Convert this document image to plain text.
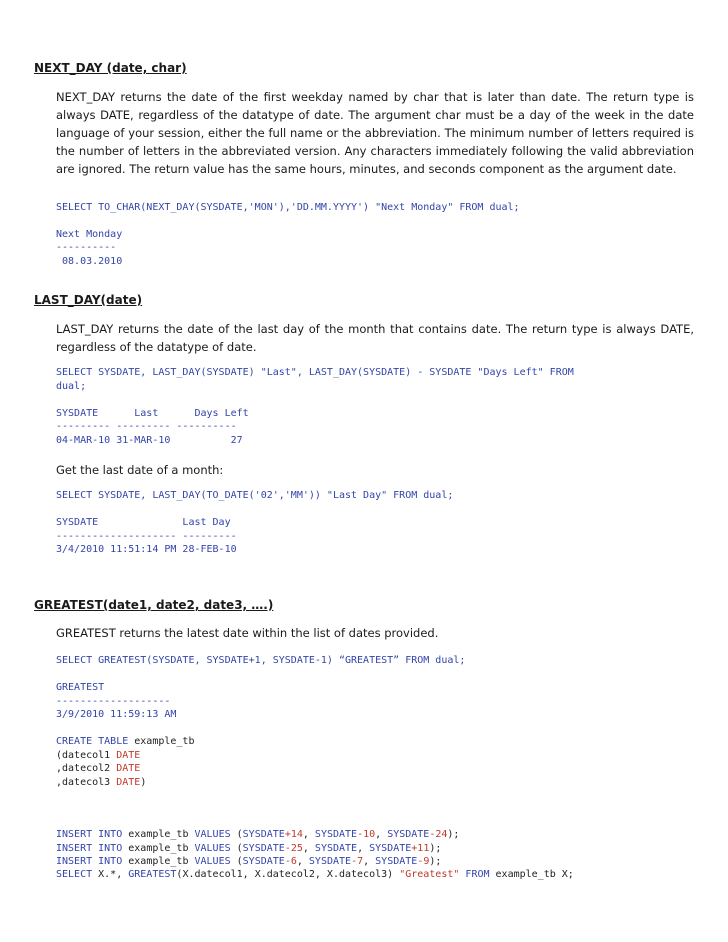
NEXT_DAY (date, char)

NEXT_DAY returns the date of the first weekday named by char that is later than date. The return type is always DATE, regardless of the datatype of date. The argument char must be a day of the week in the date language of your session, either the full name or the abbreviation. The minimum number of letters required is the number of letters in the abbreviated version. Any characters immediately following the valid abbreviation are ignored. The return value has the same hours, minutes, and seconds component as the argument date.

SELECT TO_CHAR(NEXT_DAY(SYSDATE,'MON'),'DD.MM.YYYY') "Next Monday" FROM dual;
Next Monday
----------
08.03.2010
LAST_DAY(date)

LAST_DAY returns the date of the last day of the month that contains date. The return type is always DATE, regardless of the datatype of date.

SELECT SYSDATE, LAST_DAY(SYSDATE) "Last", LAST_DAY(SYSDATE) - SYSDATE "Days Left" FROM
dual;
SYSDATE      Last      Days Left
--------- --------- ----------
04-MAR-10 31-MAR-10          27

Get the last date of a month:

SELECT SYSDATE, LAST_DAY(TO_DATE('02','MM')) "Last Day" FROM dual;
SYSDATE              Last Day
-------------------- ---------
3/4/2010 11:51:14 PM 28-FEB-10
GREATEST(date1, date2, date3, ….)

GREATEST returns the latest date within the list of dates provided.

SELECT GREATEST(SYSDATE, SYSDATE+1, SYSDATE-1) “GREATEST” FROM dual;
GREATEST
-------------------
3/9/2010 11:59:13 AM
CREATE TABLE example_tb
(datecol1 DATE
,datecol2 DATE
,datecol3 DATE)
INSERT INTO example_tb VALUES (SYSDATE+14, SYSDATE-10, SYSDATE-24);
INSERT INTO example_tb VALUES (SYSDATE-25, SYSDATE, SYSDATE+11);
INSERT INTO example_tb VALUES (SYSDATE-6, SYSDATE-7, SYSDATE-9);
SELECT X.*, GREATEST(X.datecol1, X.datecol2, X.datecol3) "Greatest" FROM example_tb X;
